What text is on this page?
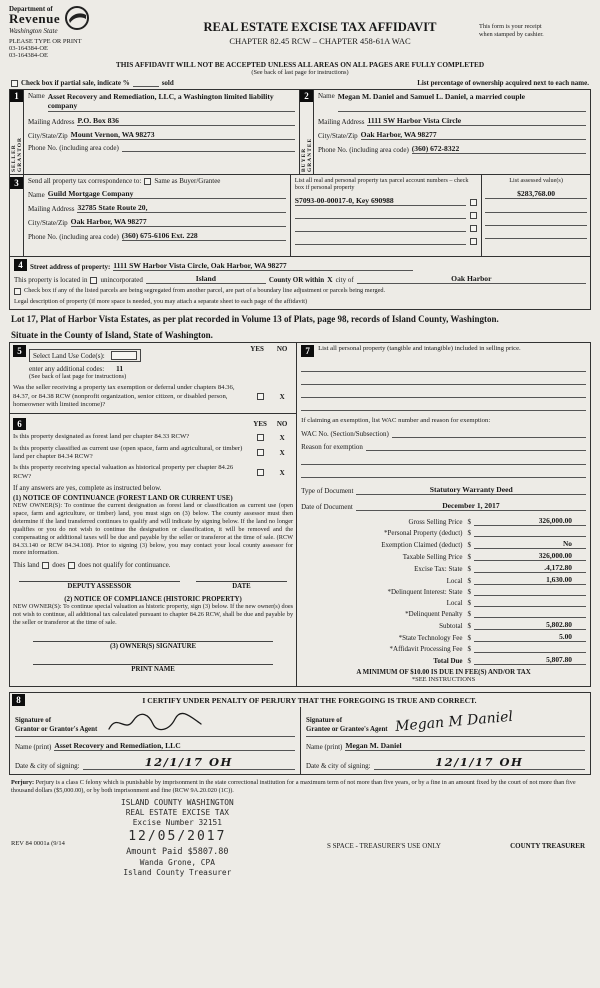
Department of
Revenue
Washington State
PLEASE TYPE OR PRINT
03-164384-OE
03-164384-OE
REAL ESTATE EXCISE TAX AFFIDAVIT
CHAPTER 82.45 RCW – CHAPTER 458-61A WAC
This form is your receipt
when stamped by cashier.
THIS AFFIDAVIT WILL NOT BE ACCEPTED UNLESS ALL AREAS ON ALL PAGES ARE FULLY COMPLETED
(See back of last page for instructions)
Check box if partial sale, indicate %	sold	List percentage of ownership acquired next to each name.
1
SELLER GRANTOR
Name Asset Recovery and Remediation, LLC, a Washington limited liability company
Mailing Address P.O. Box 836
City/State/Zip Mount Vernon, WA 98273
Phone No. (including area code)
2
BUYER GRANTEE
Name Megan M. Daniel and Samuel L. Daniel, a married couple
Mailing Address 1111 SW Harbor Vista Circle
City/State/Zip Oak Harbor, WA 98277
Phone No. (including area code) (360) 672-8322
3	Send all property tax correspondence to: Same as Buyer/Grantee
Name Guild Mortgage Company
Mailing Address 32785 State Route 20,
City/State/Zip Oak Harbor, WA 98277
Phone No. (including area code) (360) 675-6106 Ext. 228
List all real and personal property tax parcel account numbers – check box if personal property
S7093-00-00017-0, Key 690988
List assessed value(s)
$283,768.00
4	Street address of property: 1111 SW Harbor Vista Circle, Oak Harbor, WA 98277
This property is located in unincorporated	Island	County OR within X city of	Oak Harbor
Check box if any of the listed parcels are being segregated from another parcel, are part of a boundary line adjustment or parcels being merged.
Legal description of property (if more space is needed, you may attach a separate sheet to each page of the affidavit)
Lot 17, Plat of Harbor Vista Estates, as per plat recorded in Volume 13 of Plats, page 98, records of Island County, Washington.
Situate in the County of Island, State of Washington.
5	Select Land Use Code(s):
enter any additional codes: 11
(See back of last page for instructions)
YES	NO
Was the seller receiving a property tax exemption or deferral under chapters 84.36, 84.37, or 84.38 RCW (nonprofit organization, senior citizen, or disabled person, homeowner with limited income)?
X
6	YES	NO
Is this property designated as forest land per chapter 84.33 RCW?	X
Is this property classified as current use (open space, farm and agricultural, or timber) land per chapter 84.34 RCW?	X
Is this property receiving special valuation as historical property per chapter 84.26 RCW?	X
If any answers are yes, complete as instructed below.
(1) NOTICE OF CONTINUANCE (FOREST LAND OR CURRENT USE)
NEW OWNER(S): To continue the current designation as forest land or classification as current use (open space, farm and agriculture, or timber) land, you must sign on (3) below. The county assessor must then determine if the land transferred continues to qualify and will indicate by signing below. If the land no longer qualifies or you do not wish to continue the designation or classification, it will be removed and the compensating or additional taxes will be due and payable by the seller or transferor at the time of sale. (RCW 84.33.140 or RCW 84.34.108). Prior to signing (3) below, you may contact your local county assessor for more information.
This land does does not qualify for continuance.
DEPUTY ASSESSOR	DATE
(2) NOTICE OF COMPLIANCE (HISTORIC PROPERTY)
NEW OWNER(S): To continue special valuation as historic property, sign (3) below. If the new owner(s) does not wish to continue, all additional tax calculated pursuant to chapter 84.26 RCW, shall be due and payable by the seller or transferor at the time of sale.
(3) OWNER(S) SIGNATURE
PRINT NAME
7	List all personal property (tangible and intangible) included in selling price.
If claiming an exemption, list WAC number and reason for exemption:
WAC No. (Section/Subsection)
Reason for exemption
Type of Document	Statutory Warranty Deed
Date of Document	December 1, 2017
Gross Selling Price $	326,000.00
*Personal Property (deduct) $
Exemption Claimed (deduct) $	No
Taxable Selling Price $	326,000.00
Excise Tax: State $	.4,172.80
Local $	1,630.00
*Delinquent Interest: State $
Local $
*Delinquent Penalty $
Subtotal $	5,802.80
*State Technology Fee $	5.00
*Affidavit Processing Fee $
Total Due $	5,807.80
A MINIMUM OF $10.00 IS DUE IN FEE(S) AND/OR TAX
*SEE INSTRUCTIONS
8	I CERTIFY UNDER PENALTY OF PERJURY THAT THE FOREGOING IS TRUE AND CORRECT.
Signature of
Grantor or Grantor's Agent
Name (print) Asset Recovery and Remediation, LLC
Date & city of signing:	12/1/17 OH
Signature of
Grantee or Grantee's Agent Megan M Daniel
Name (print) Megan M. Daniel
Date & city of signing:	12/1/17 OH
Perjury: Perjury is a class C felony which is punishable by imprisonment in the state correctional institution for a maximum term of not more than five years, or by a fine in an amount fixed by the court of not more than five thousand dollars ($5,000.00), or by both imprisonment and fine (RCW 9A.20.020 (1C)).
REV 84 0001a (9/14
ISLAND COUNTY WASHINGTON
REAL ESTATE EXCISE TAX
Excise Number 32151
12/05/2017
Amount Paid $5807.80
Wanda Grone, CPA
Island County Treasurer
S SPACE - TREASURER'S USE ONLY	COUNTY TREASURER
